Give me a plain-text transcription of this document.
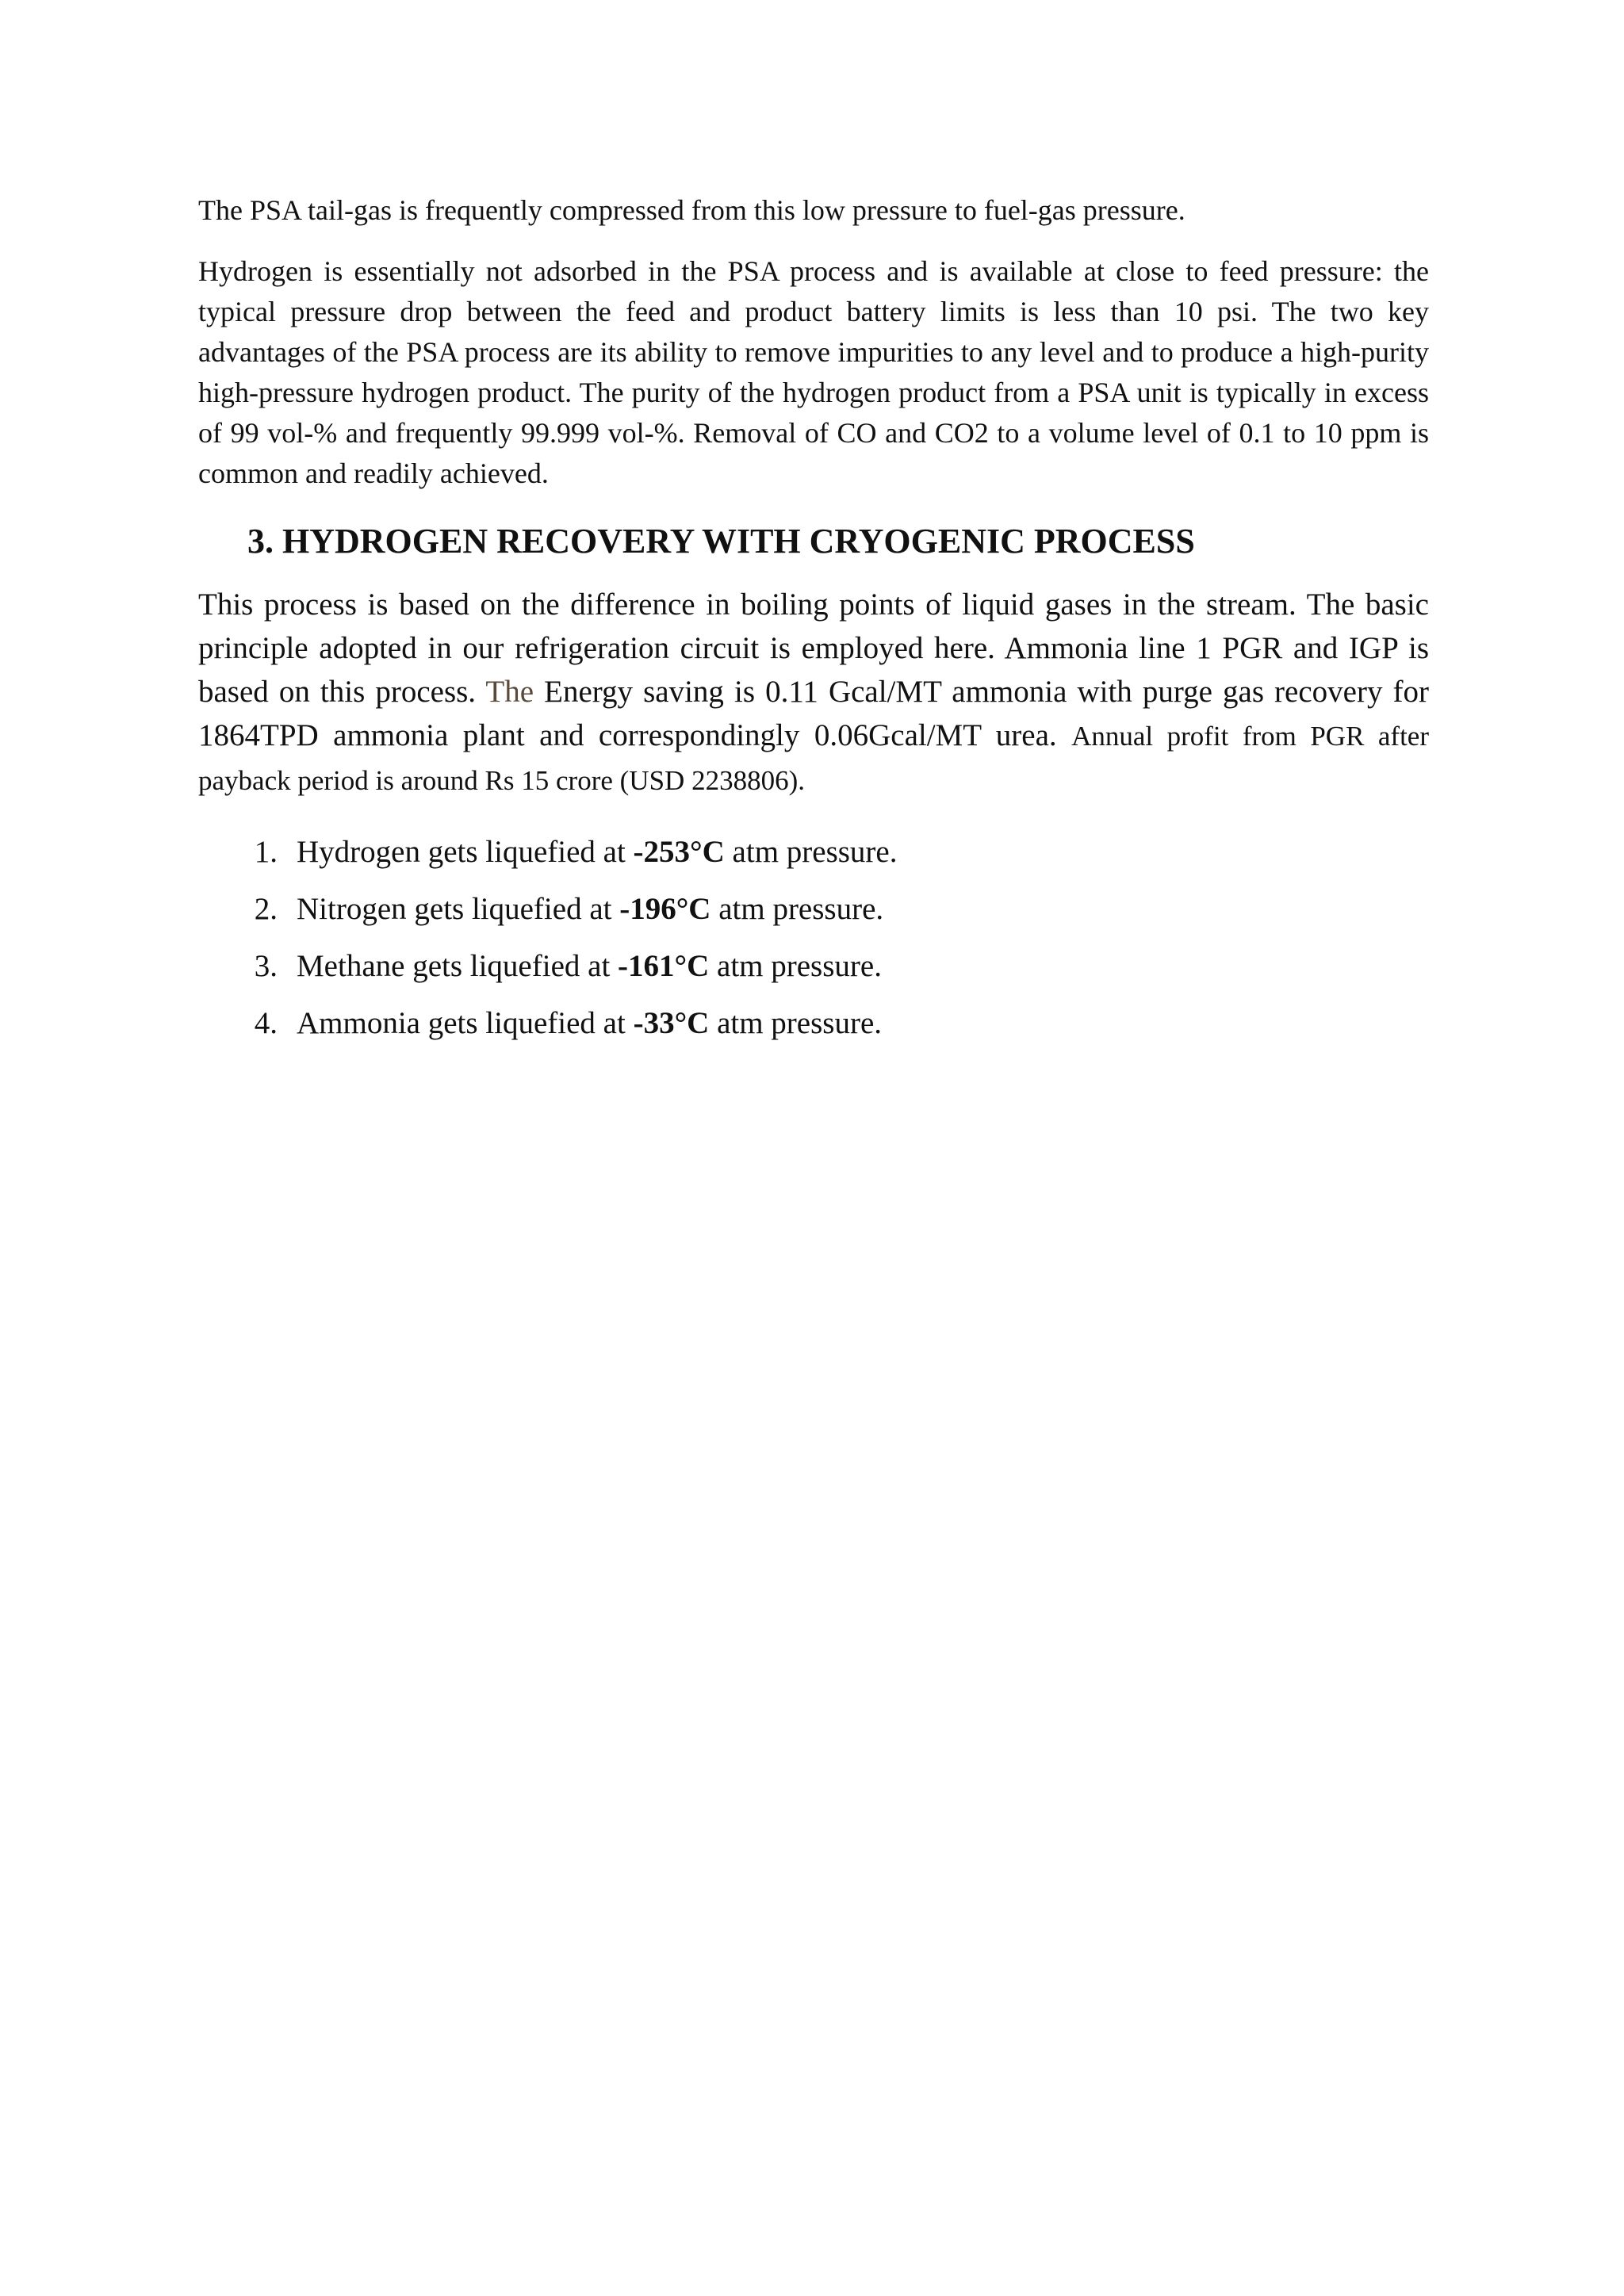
The PSA tail-gas is frequently compressed from this low pressure to fuel-gas pressure.

Hydrogen is essentially not adsorbed in the PSA process and is available at close to feed pressure: the typical pressure drop between the feed and product battery limits is less than 10 psi. The two key advantages of the PSA process are its ability to remove impurities to any level and to produce a high-purity high-pressure hydrogen product. The purity of the hydrogen product from a PSA unit is typically in excess of 99 vol-% and frequently 99.999 vol-%. Removal of CO and CO2 to a volume level of 0.1 to 10 ppm is common and readily achieved.

3. HYDROGEN RECOVERY WITH CRYOGENIC PROCESS

This process is based on the difference in boiling points of liquid gases in the stream. The basic principle adopted in our refrigeration circuit is employed here. Ammonia line 1 PGR and IGP is based on this process. The Energy saving is 0.11 Gcal/MT ammonia with purge gas recovery for 1864TPD ammonia plant and correspondingly 0.06Gcal/MT urea. Annual profit from PGR after payback period is around Rs 15 crore (USD 2238806).

1. Hydrogen gets liquefied at -253°C atm pressure.
2. Nitrogen gets liquefied at -196°C atm pressure.
3. Methane gets liquefied at -161°C atm pressure.
4. Ammonia gets liquefied at -33°C atm pressure.
